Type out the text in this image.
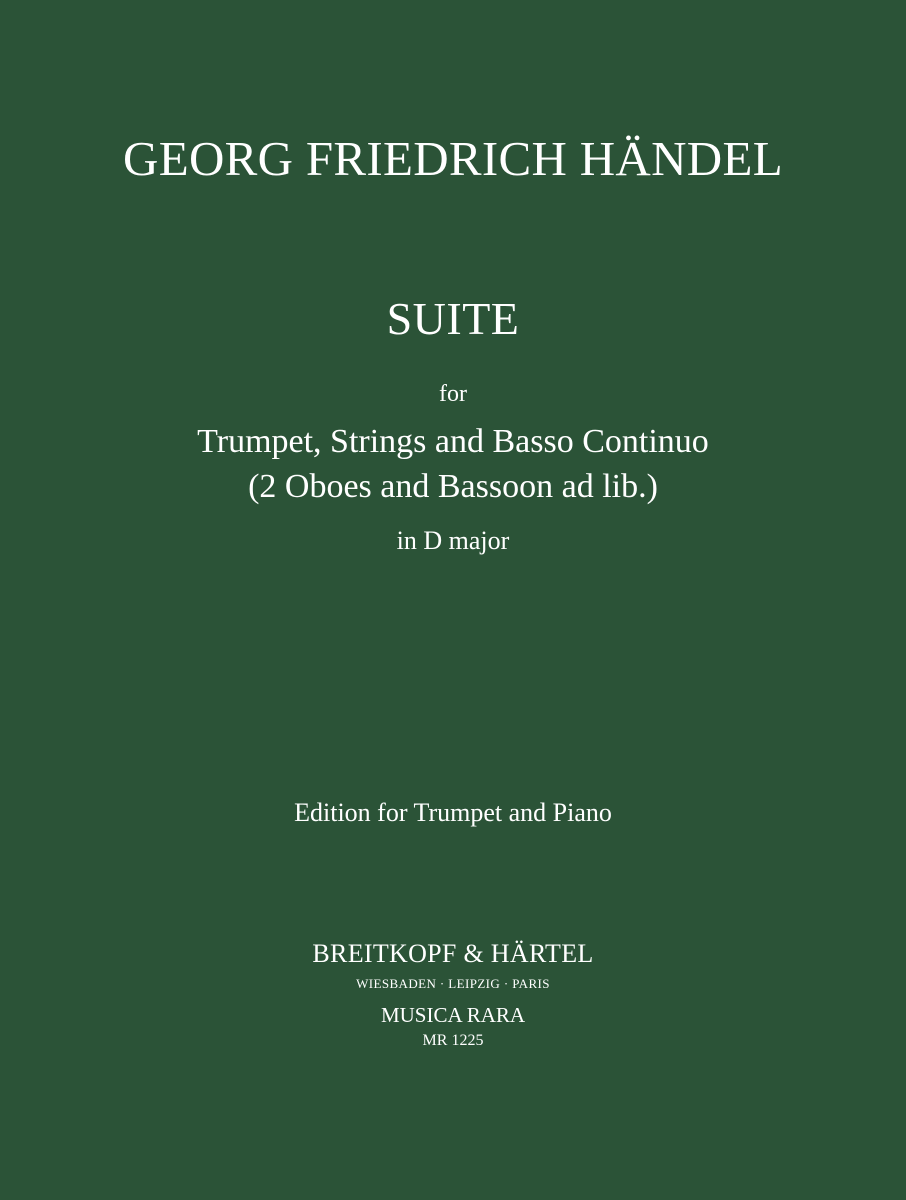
GEORG FRIEDRICH HÄNDEL
SUITE
for
Trumpet, Strings and Basso Continuo
(2 Oboes and Bassoon ad lib.)
in D major
Edition for Trumpet and Piano
BREITKOPF & HÄRTEL
WIESBADEN · LEIPZIG · PARIS
MUSICA RARA
MR 1225
